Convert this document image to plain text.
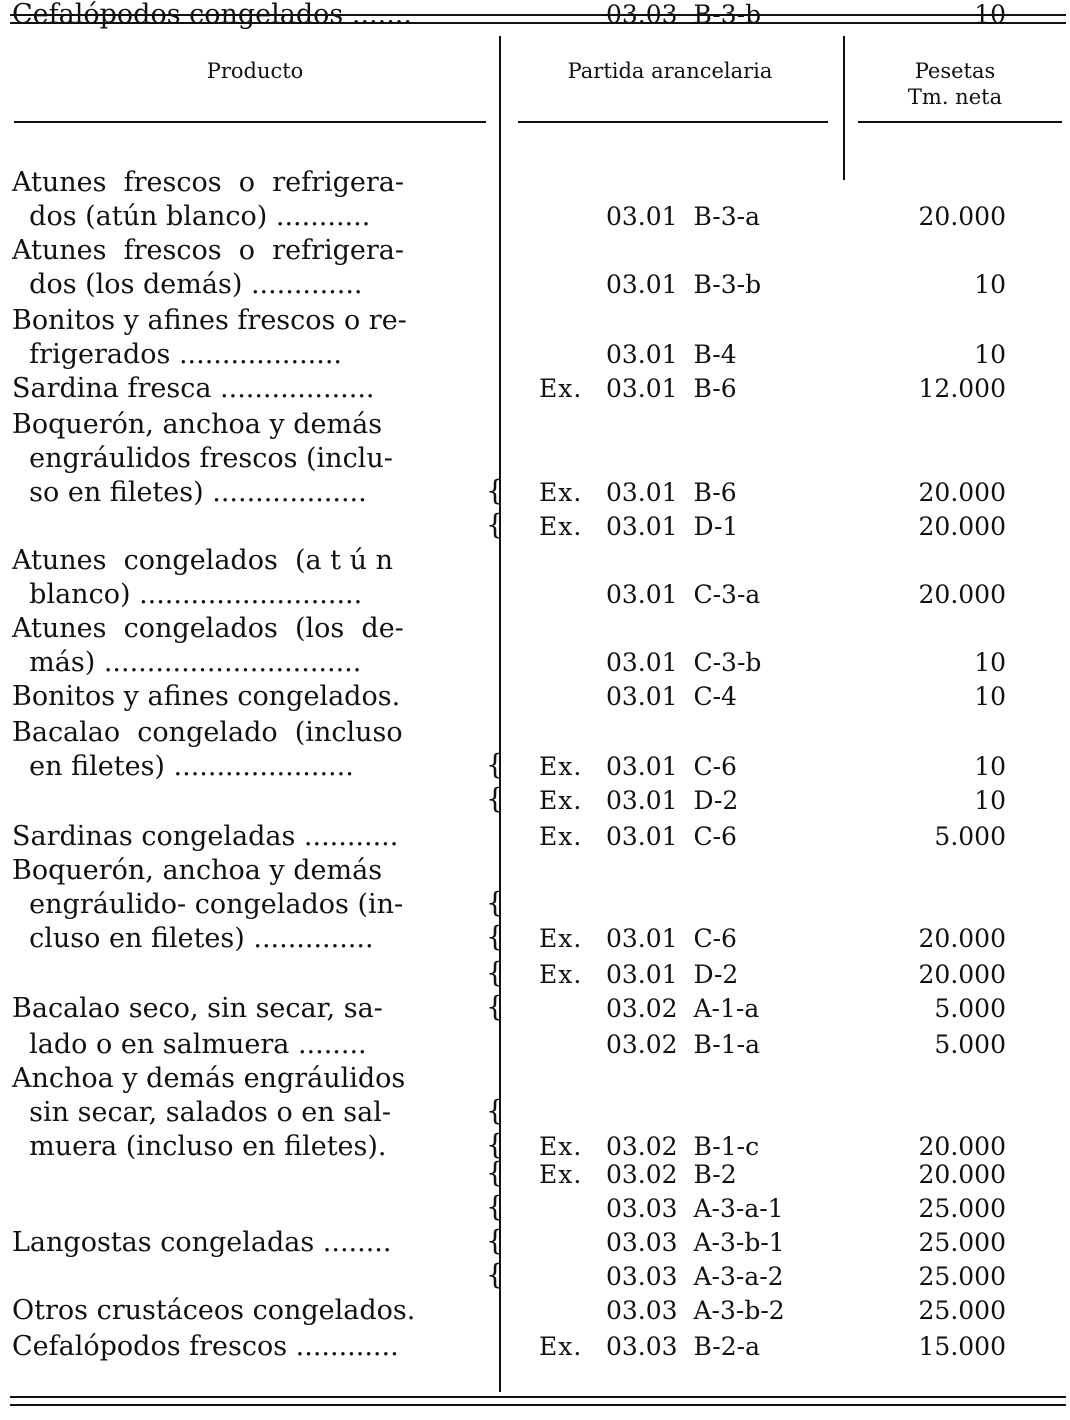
Producto	Partida arancelaria	Pesetas
Tm. neta
Atunes  frescos  o  refrigera-
dos (atún blanco) ...........	03.01  B-3-a	20.000
Atunes  frescos  o  refrigera-
dos (los demás) .............	03.01  B-3-b	10
Bonitos y afines frescos o re-
frigerados ...................	03.01  B-4	10
Sardina fresca ..................	Ex. 03.01  B-6	12.000
Boquerón, anchoa y demás
engráulidos frescos (inclu-
so en filetes) ..................	Ex. 03.01  B-6	20.000
Ex. 03.01  D-1	20.000
Atunes  congelados  (a t ú n
blanco) ..........................	03.01  C-3-a	20.000
Atunes  congelados  (los  de-
más) ..............................	03.01  C-3-b	10
Bonitos y afines congelados.	03.01  C-4	10
Bacalao  congelado  (incluso
en filetes) .....................	Ex. 03.01  C-6	10
Ex. 03.01  D-2	10
Sardinas congeladas ...........	Ex. 03.01  C-6	5.000
Boquerón, anchoa y demás
engráulido- congelados (in-
cluso en filetes) ..............	Ex. 03.01  C-6	20.000
Ex. 03.01  D-2	20.000
Bacalao seco, sin secar, sa-	03.02  A-1-a	5.000
lado o en salmuera ........	03.02  B-1-a	5.000
Anchoa y demás engráulidos
sin secar, salados o en sal-
muera (incluso en filetes).	Ex. 03.02  B-1-c	20.000
Ex. 03.02  B-2	20.000
03.03  A-3-a-1	25.000
Langostas congeladas ........	03.03  A-3-b-1	25.000
03.03  A-3-a-2	25.000
Otros crustáceos congelados.	03.03  A-3-b-2	25.000
Cefalópodos frescos ............	Ex. 03.03  B-2-a	15.000
Cefalópodos congelados .......	03.03  B-3-b	10
{
{
{
{
{
{
{
{
{
{
{
{
{
{
